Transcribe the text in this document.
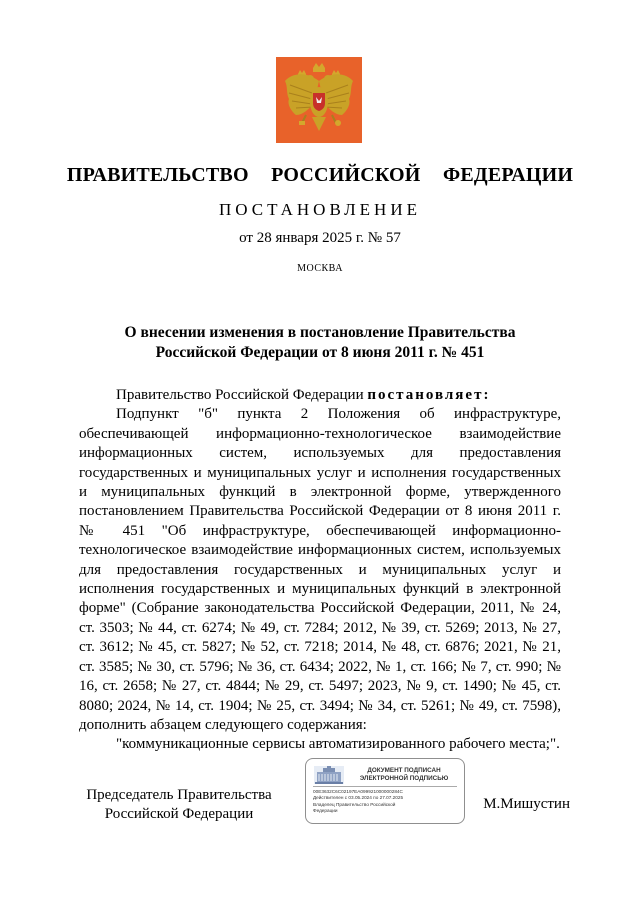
ПРАВИТЕЛЬСТВО  РОССИЙСКОЙ  ФЕДЕРАЦИИ
ПОСТАНОВЛЕНИЕ
от 28 января 2025 г. № 57
МОСКВА
О внесении изменения в постановление Правительства
Российской Федерации от 8 июня 2011 г. № 451
Правительство Российской Федерации постановляет:
Подпункт "б" пункта 2 Положения об инфраструктуре, обеспечивающей информационно-технологическое взаимодействие информационных систем, используемых для предоставления государственных и муниципальных услуг и исполнения государственных и муниципальных функций в электронной форме, утвержденного постановлением Правительства Российской Федерации от 8 июня 2011 г. № 451 "Об инфраструктуре, обеспечивающей информационно-технологическое взаимодействие информационных систем, используемых для предоставления государственных и муниципальных услуг и исполнения государственных и муниципальных функций в электронной форме" (Собрание законодательства Российской Федерации, 2011, № 24, ст. 3503; № 44, ст. 6274; № 49, ст. 7284; 2012, № 39, ст. 5269; 2013, № 27, ст. 3612; № 45, ст. 5827; № 52, ст. 7218; 2014, № 48, ст. 6876; 2021, № 21, ст. 3585; № 30, ст. 5796; № 36, ст. 6434; 2022, № 1, ст. 166; № 7, ст. 990; № 16, ст. 2658; № 27, ст. 4844; № 29, ст. 5497; 2023, № 9, ст. 1490; № 45, ст. 8080; 2024, № 14, ст. 1904; № 25, ст. 3494; № 34, ст. 5261; № 49, ст. 7598), дополнить абзацем следующего содержания:
"коммуникационные сервисы автоматизированного рабочего места;".
Председатель Правительства
Российской Федерации
ДОКУМЕНТ ПОДПИСАН
ЭЛЕКТРОННОЙ ПОДПИСЬЮ
00E3632C6C02197EA099921000000284C
Действителен с 03.05.2024 по 27.07.2025
Владелец Правительство Российской
Федерации	М.Мишустин
